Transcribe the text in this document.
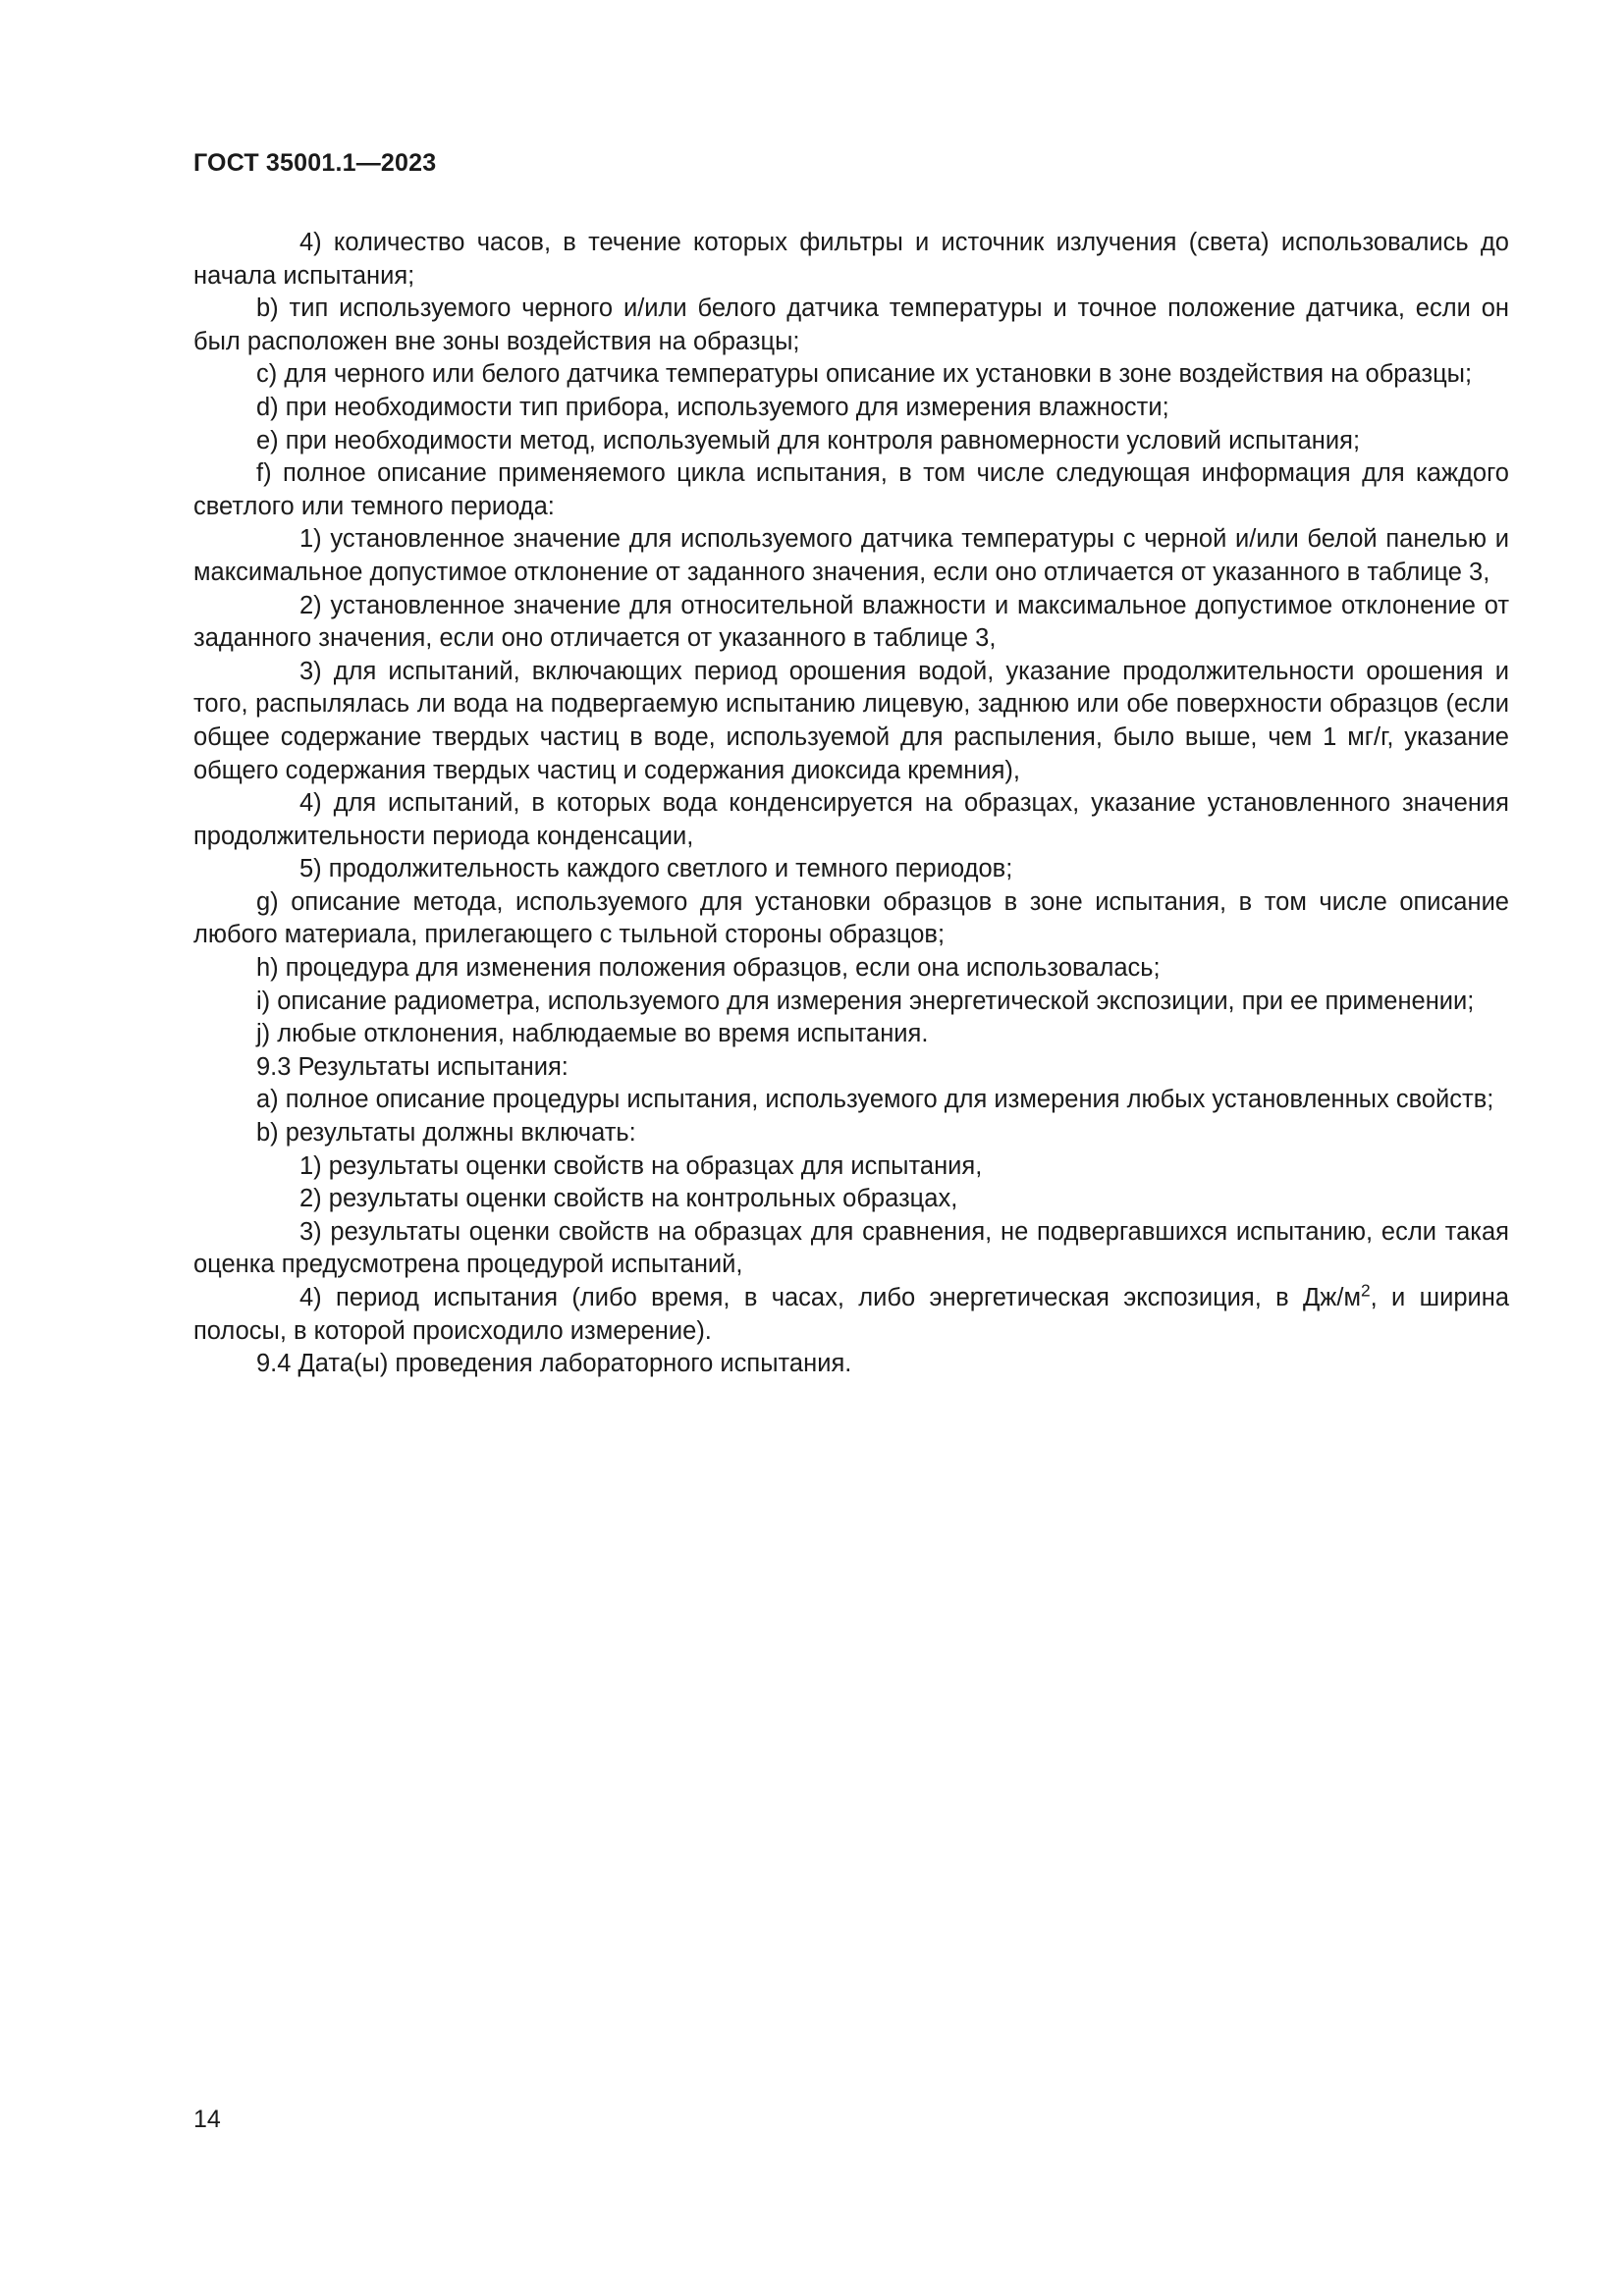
ГОСТ 35001.1—2023

4) количество часов, в течение которых фильтры и источник излучения (света) использовались до начала испытания;

b) тип используемого черного и/или белого датчика температуры и точное положение датчика, если он был расположен вне зоны воздействия на образцы;

с) для черного или белого датчика температуры описание их установки в зоне воздействия на образцы;

d) при необходимости тип прибора, используемого для измерения влажности;

е) при необходимости метод, используемый для контроля равномерности условий испытания;

f) полное описание применяемого цикла испытания, в том числе следующая информация для каждого светлого или темного периода:

1) установленное значение для используемого датчика температуры с черной и/или белой панелью и максимальное допустимое отклонение от заданного значения, если оно отличается от указанного в таблице 3,

2) установленное значение для относительной влажности и максимальное допустимое отклонение от заданного значения, если оно отличается от указанного в таблице 3,

3) для испытаний, включающих период орошения водой, указание продолжительности орошения и того, распылялась ли вода на подвергаемую испытанию лицевую, заднюю или обе поверхности образцов (если общее содержание твердых частиц в воде, используемой для распыления, было выше, чем 1 мг/г, указание общего содержания твердых частиц и содержания диоксида кремния),

4) для испытаний, в которых вода конденсируется на образцах, указание установленного значения продолжительности периода конденсации,

5) продолжительность каждого светлого и темного периодов;

g) описание метода, используемого для установки образцов в зоне испытания, в том числе описание любого материала, прилегающего с тыльной стороны образцов;

h) процедура для изменения положения образцов, если она использовалась;

i) описание радиометра, используемого для измерения энергетической экспозиции, при ее применении;

j) любые отклонения, наблюдаемые во время испытания.

9.3 Результаты испытания:

а) полное описание процедуры испытания, используемого для измерения любых установленных свойств;

b) результаты должны включать:

1) результаты оценки свойств на образцах для испытания,

2) результаты оценки свойств на контрольных образцах,

3) результаты оценки свойств на образцах для сравнения, не подвергавшихся испытанию, если такая оценка предусмотрена процедурой испытаний,

4) период испытания (либо время, в часах, либо энергетическая экспозиция, в $Дж/м^2$, и ширина полосы, в которой происходило измерение).

9.4 Дата(ы) проведения лабораторного испытания.

14
